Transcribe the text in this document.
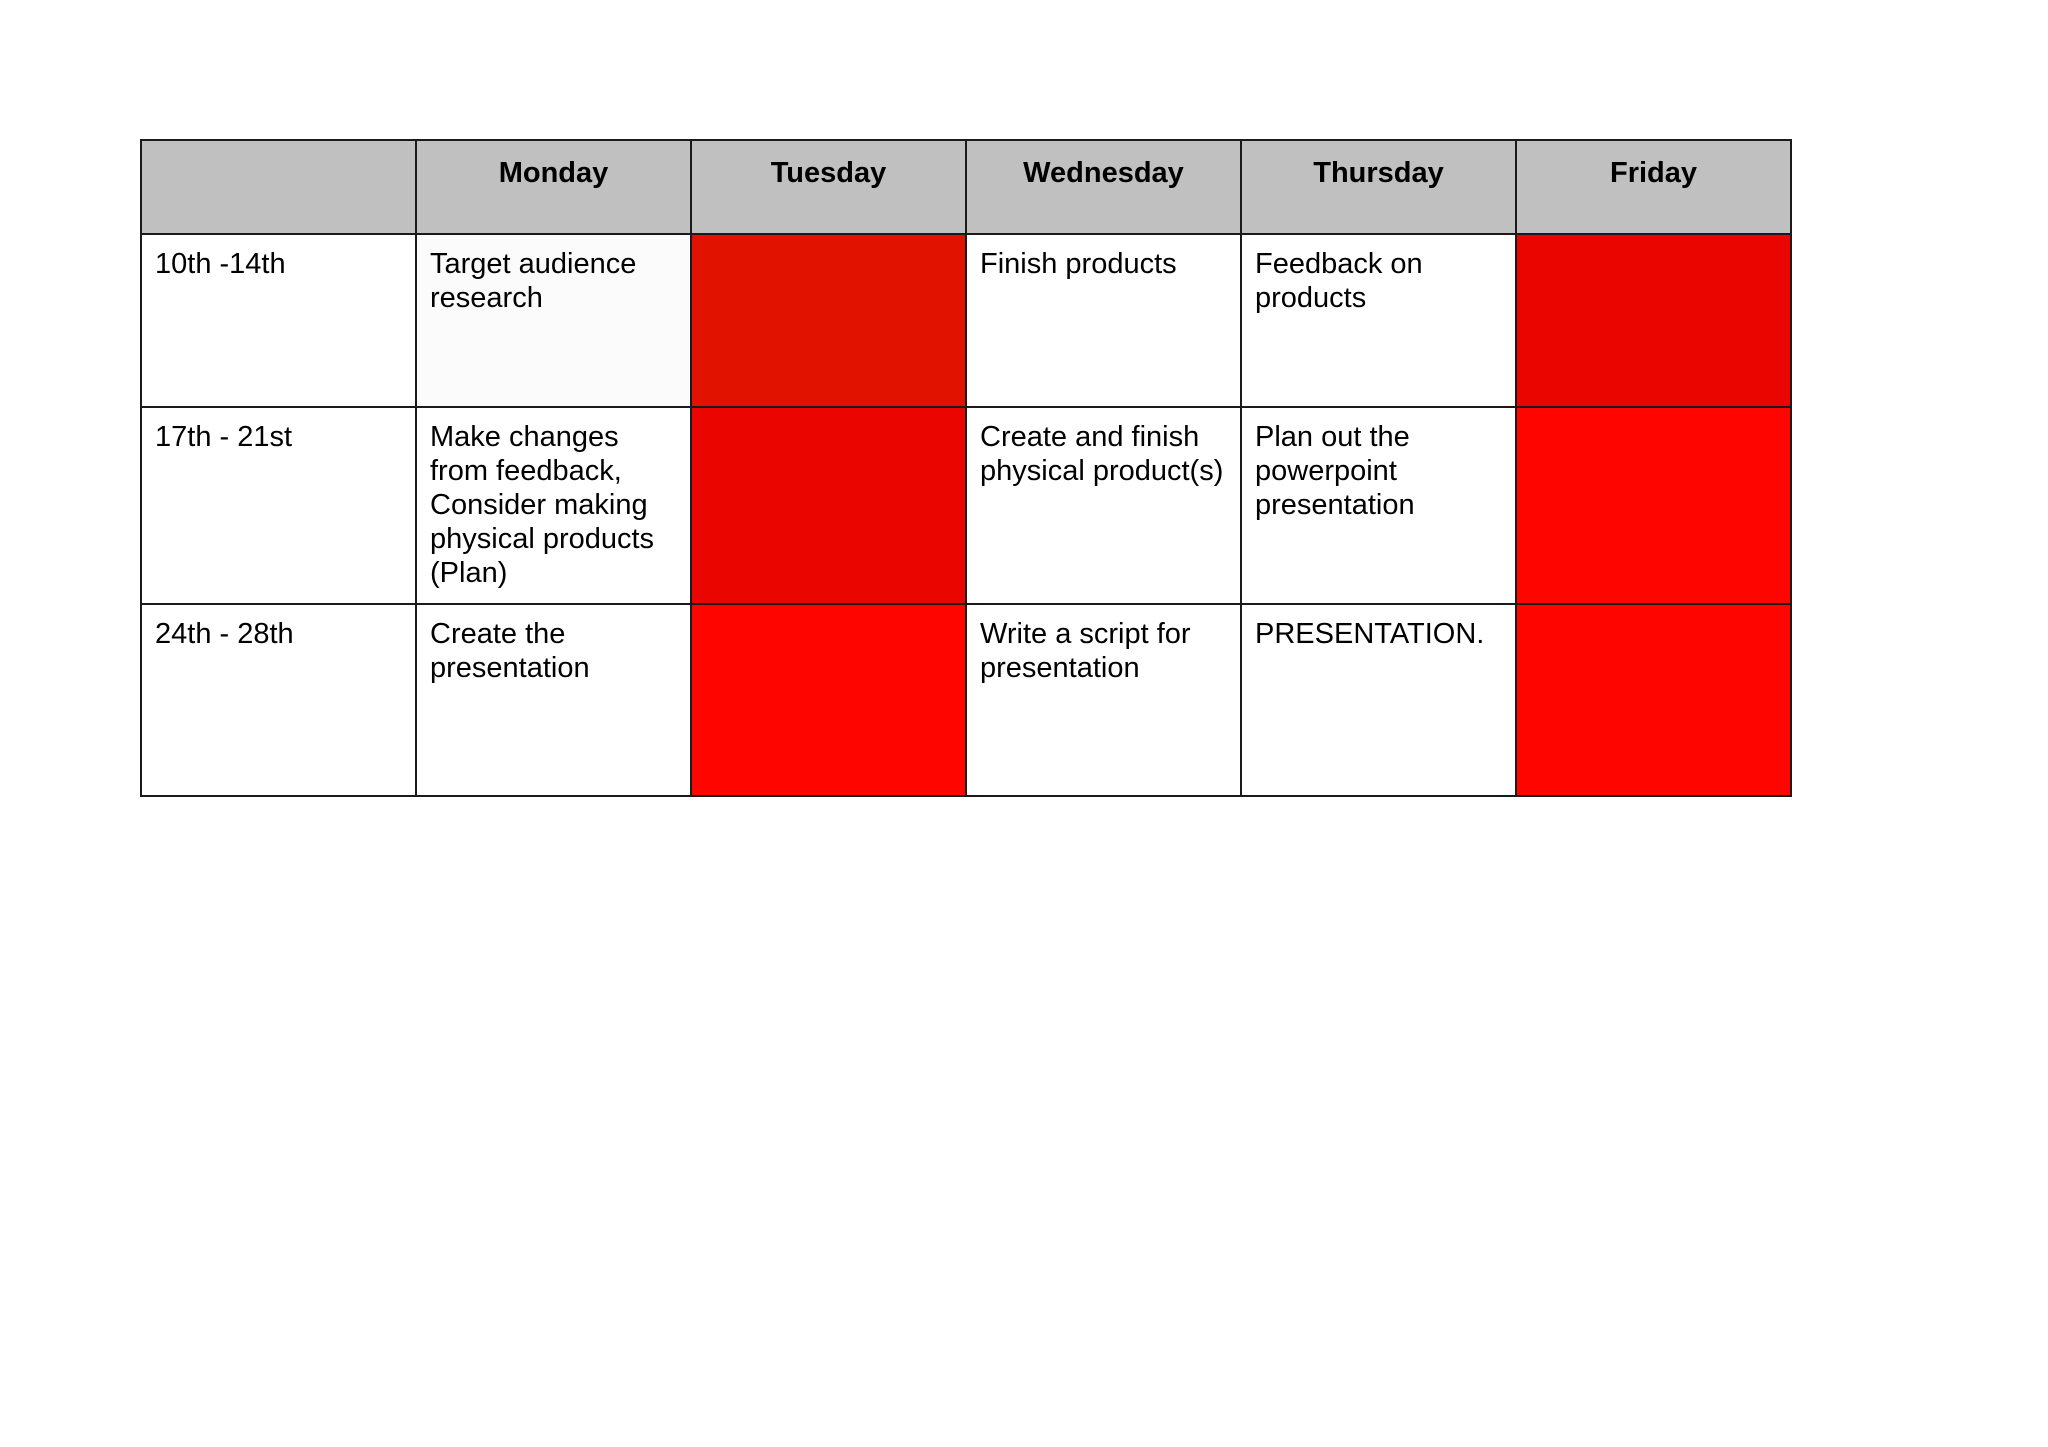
	Monday	Tuesday	Wednesday	Thursday	Friday
10th -14th	Target audience research		Finish products	Feedback on products	
17th - 21st	Make changes from feedback, Consider making physical products (Plan)		Create and finish physical product(s)	Plan out the powerpoint presentation	
24th - 28th	Create the presentation		Write a script for presentation	PRESENTATION.	
